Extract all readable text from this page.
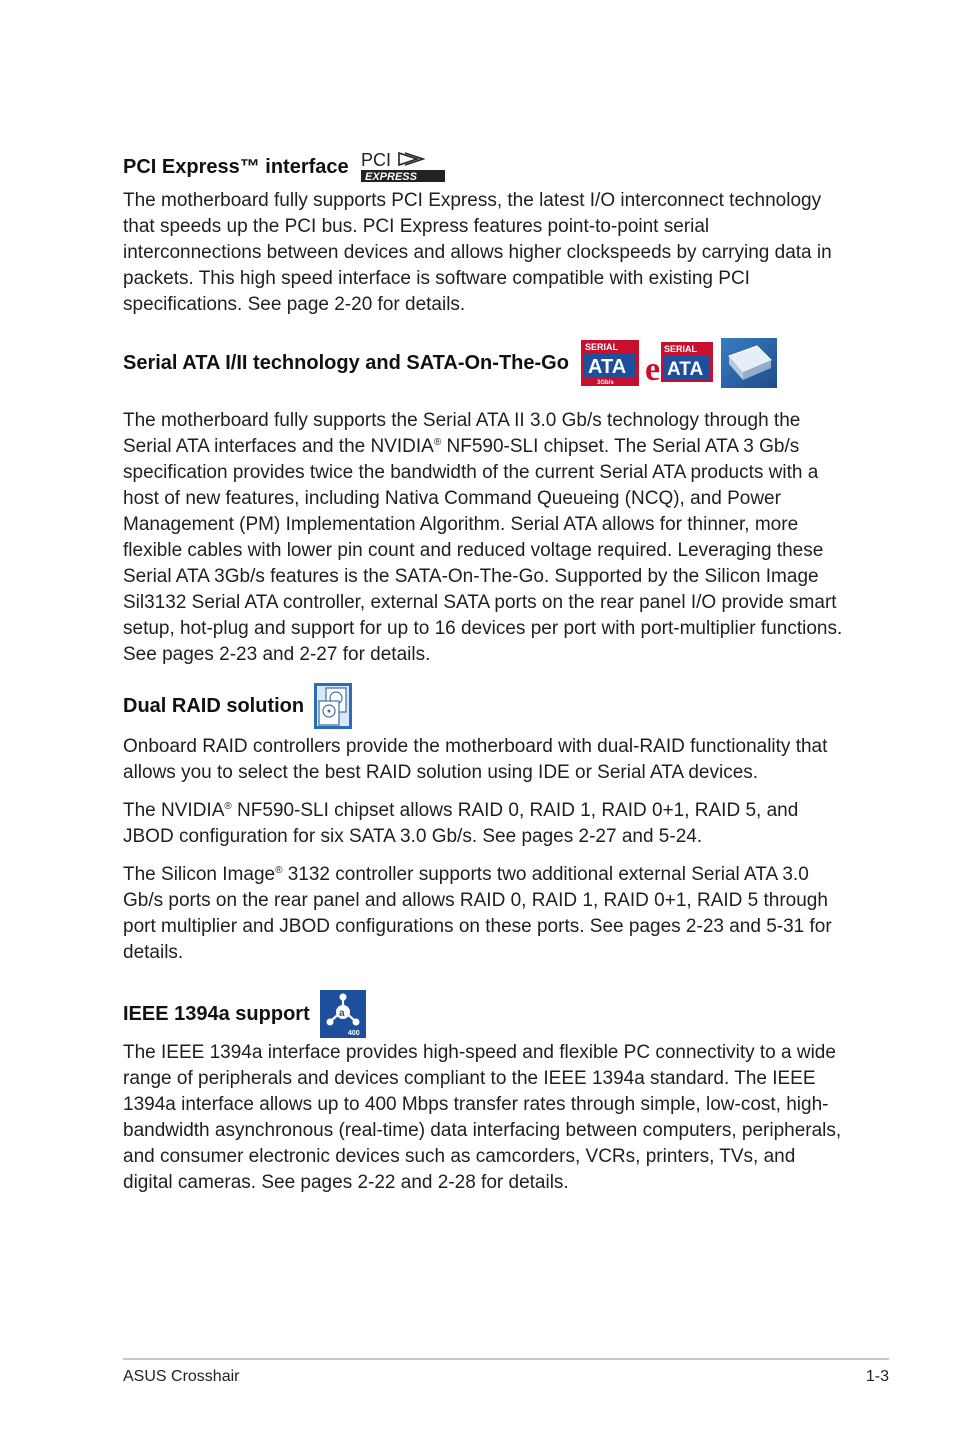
PCI Express™ interface PCI
EXPRESS

The motherboard fully supports PCI Express, the latest I/O interconnect technology that speeds up the PCI bus. PCI Express features point-to-point serial interconnections between devices and allows higher clockspeeds by carrying data in packets. This high speed interface is software compatible with existing PCI specifications. See page 2-20 for details.

Serial ATA I/II technology and SATA-On-The-Go
SERIAL
ATA
3Gb/s e
SERIAL
ATA

The motherboard fully supports the Serial ATA II 3.0 Gb/s technology through the Serial ATA interfaces and the NVIDIA® NF590-SLI chipset. The Serial ATA 3 Gb/s specification provides twice the bandwidth of the current Serial ATA products with a host of new features, including Nativa Command Queueing (NCQ), and Power Management (PM) Implementation Algorithm. Serial ATA allows for thinner, more flexible cables with lower pin count and reduced voltage required. Leveraging these Serial ATA 3Gb/s features is the SATA-On-The-Go. Supported by the Silicon Image Sil3132 Serial ATA controller, external SATA ports on the rear panel I/O provide smart setup, hot-plug and support for up to 16 devices per port with port-multiplier functions. See pages 2-23 and 2-27 for details.

Dual RAID solution

Onboard RAID controllers provide the motherboard with dual-RAID functionality that allows you to select the best RAID solution using IDE or Serial ATA devices.

The NVIDIA® NF590-SLI chipset allows RAID 0, RAID 1, RAID 0+1, RAID 5, and JBOD configuration for six SATA 3.0 Gb/s. See pages 2-27 and 5-24.

The Silicon Image® 3132 controller supports two additional external Serial ATA 3.0 Gb/s ports on the rear panel and allows RAID 0, RAID 1, RAID 0+1, RAID 5 through port multiplier and JBOD configurations on these ports. See pages 2-23 and 5-31 for details.

IEEE 1394a support	a
400

The IEEE 1394a interface provides high-speed and flexible PC connectivity to a wide range of peripherals and devices compliant to the IEEE 1394a standard. The IEEE 1394a interface allows up to 400 Mbps transfer rates through simple, low-cost, high-bandwidth asynchronous (real-time) data interfacing between computers, peripherals, and consumer electronic devices such as camcorders, VCRs, printers, TVs, and digital cameras. See pages 2-22 and 2-28 for details.

ASUS Crosshair	1-3
